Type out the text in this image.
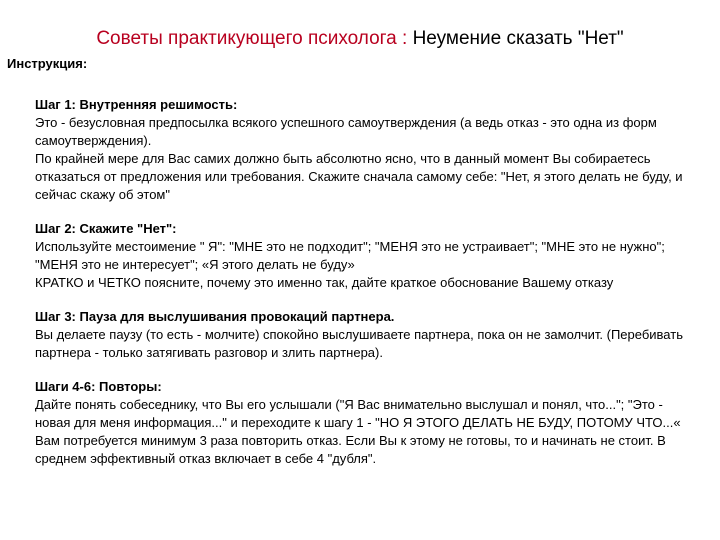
Советы практикующего психолога : Неумение сказать "Нет"
Инструкция:
Шаг 1: Внутренняя решимость:

Это - безусловная предпосылка всякого успешного самоутверждения (а ведь отказ - это одна из форм самоутверждения).

По крайней мере для Вас самих должно быть абсолютно ясно, что в данный момент Вы собираетесь отказаться от предложения или требования. Скажите сначала самому себе: "Нет, я этого делать не буду, и сейчас скажу об этом"

Шаг 2: Скажите "Нет":

Используйте местоимение " Я": "МНЕ это не подходит"; "МЕНЯ это не устраивает"; "МНЕ это не нужно"; "МЕНЯ это не интересует"; «Я этого делать не буду»

КРАТКО и ЧЕТКО поясните, почему это именно так, дайте краткое обоснование Вашему отказу

Шаг 3: Пауза для выслушивания провокаций партнера.

Вы делаете паузу (то есть - молчите) спокойно выслушиваете партнера, пока он не замолчит. (Перебивать партнера - только затягивать разговор и злить партнера).

Шаги 4-6: Повторы:

Дайте понять собеседнику, что Вы его услышали ("Я Вас внимательно выслушал и понял, что..."; "Это - новая для меня информация..." и переходите к шагу 1 - "НО Я ЭТОГО ДЕЛАТЬ НЕ БУДУ, ПОТОМУ ЧТО...«

Вам потребуется минимум 3 раза повторить отказ. Если Вы к этому не готовы, то и начинать не стоит. В среднем эффективный отказ включает в себе 4 "дубля".
